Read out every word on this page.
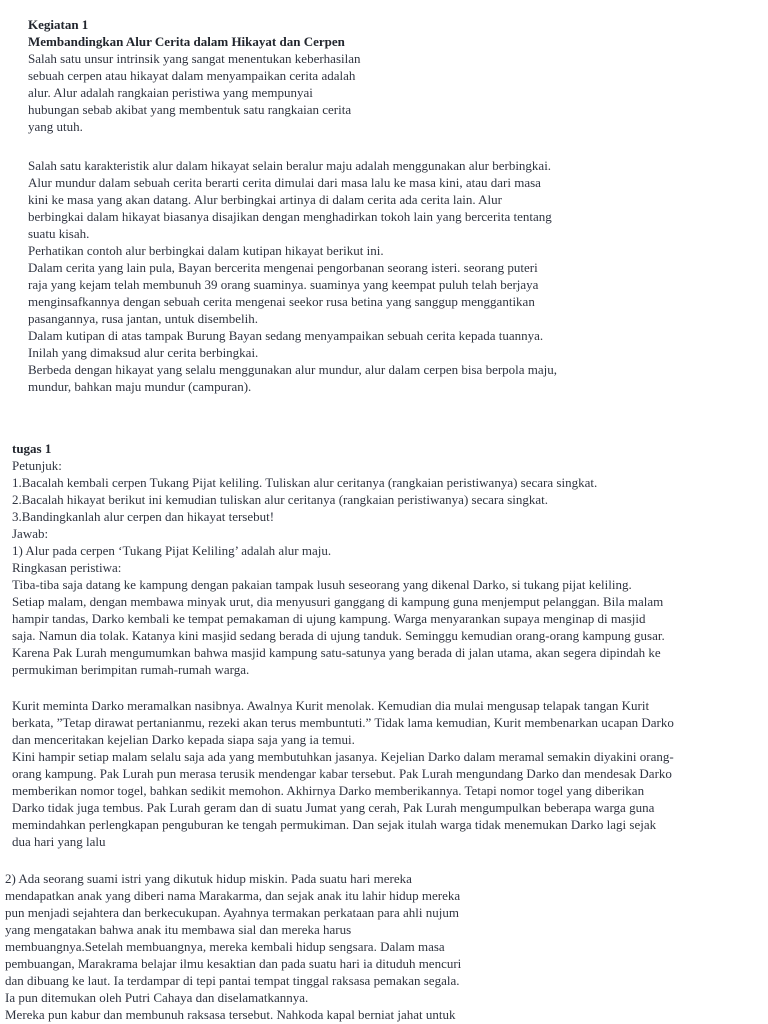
Kegiatan 1
Membandingkan Alur Cerita dalam Hikayat dan Cerpen
Salah satu unsur intrinsik yang sangat menentukan keberhasilan
sebuah cerpen atau hikayat dalam menyampaikan cerita adalah
alur. Alur adalah rangkaian peristiwa yang mempunyai
hubungan sebab akibat yang membentuk satu rangkaian cerita
yang utuh.
Salah satu karakteristik alur dalam hikayat selain beralur maju adalah menggunakan alur berbingkai.
Alur mundur dalam sebuah cerita berarti cerita dimulai dari masa lalu ke masa kini, atau dari masa
kini ke masa yang akan datang. Alur berbingkai artinya di dalam cerita ada cerita lain. Alur
berbingkai dalam hikayat biasanya disajikan dengan menghadirkan tokoh lain yang bercerita tentang
suatu kisah.
Perhatikan contoh alur berbingkai dalam kutipan hikayat berikut ini.
Dalam cerita yang lain pula, Bayan bercerita mengenai pengorbanan seorang isteri. seorang puteri
raja yang kejam telah membunuh 39 orang suaminya. suaminya yang keempat puluh telah berjaya
menginsafkannya dengan sebuah cerita mengenai seekor rusa betina yang sanggup menggantikan
pasangannya, rusa jantan, untuk disembelih.
Dalam kutipan di atas tampak Burung Bayan sedang menyampaikan sebuah cerita kepada tuannya.
Inilah yang dimaksud alur cerita berbingkai.
Berbeda dengan hikayat yang selalu menggunakan alur mundur, alur dalam cerpen bisa berpola maju,
mundur, bahkan maju mundur (campuran).
tugas 1
Petunjuk:
1.Bacalah kembali cerpen Tukang Pijat keliling. Tuliskan alur ceritanya (rangkaian peristiwanya) secara singkat.
2.Bacalah hikayat berikut ini kemudian tuliskan alur ceritanya (rangkaian peristiwanya) secara singkat.
3.Bandingkanlah alur cerpen dan hikayat tersebut!
Jawab:
1) Alur pada cerpen ‘Tukang Pijat Keliling’ adalah alur maju.
Ringkasan peristiwa:
Tiba-tiba saja datang ke kampung dengan pakaian tampak lusuh seseorang yang dikenal Darko, si tukang pijat keliling.
Setiap malam, dengan membawa minyak urut, dia menyusuri ganggang di kampung guna menjemput pelanggan. Bila malam
hampir tandas, Darko kembali ke tempat pemakaman di ujung kampung. Warga menyarankan supaya menginap di masjid
saja. Namun dia tolak. Katanya kini masjid sedang berada di ujung tanduk. Seminggu kemudian orang-orang kampung gusar.
Karena Pak Lurah mengumumkan bahwa masjid kampung satu-satunya yang berada di jalan utama, akan segera dipindah ke
permukiman berimpitan rumah-rumah warga.
Kurit meminta Darko meramalkan nasibnya. Awalnya Kurit menolak. Kemudian dia mulai mengusap telapak tangan Kurit
berkata, ”Tetap dirawat pertanianmu, rezeki akan terus membuntuti.” Tidak lama kemudian, Kurit membenarkan ucapan Darko
dan menceritakan kejelian Darko kepada siapa saja yang ia temui.
Kini hampir setiap malam selalu saja ada yang membutuhkan jasanya. Kejelian Darko dalam meramal semakin diyakini orang-
orang kampung. Pak Lurah pun merasa terusik mendengar kabar tersebut. Pak Lurah mengundang Darko dan mendesak Darko
memberikan nomor togel, bahkan sedikit memohon. Akhirnya Darko memberikannya. Tetapi nomor togel yang diberikan
Darko tidak juga tembus. Pak Lurah geram dan di suatu Jumat yang cerah, Pak Lurah mengumpulkan beberapa warga guna
memindahkan perlengkapan penguburan ke tengah permukiman. Dan sejak itulah warga tidak menemukan Darko lagi sejak
dua hari yang lalu
2) Ada seorang suami istri yang dikutuk hidup miskin. Pada suatu hari mereka
mendapatkan anak yang diberi nama Marakarma, dan sejak anak itu lahir hidup mereka
pun menjadi sejahtera dan berkecukupan. Ayahnya termakan perkataan para ahli nujum
yang mengatakan bahwa anak itu membawa sial dan mereka harus
membuangnya.Setelah membuangnya, mereka kembali hidup sengsara. Dalam masa
pembuangan, Marakrama belajar ilmu kesaktian dan pada suatu hari ia dituduh mencuri
dan dibuang ke laut. Ia terdampar di tepi pantai tempat tinggal raksasa pemakan segala.
Ia pun ditemukan oleh Putri Cahaya dan diselamatkannya.
Mereka pun kabur dan membunuh raksasa tersebut. Nahkoda kapal berniat jahat untuk
